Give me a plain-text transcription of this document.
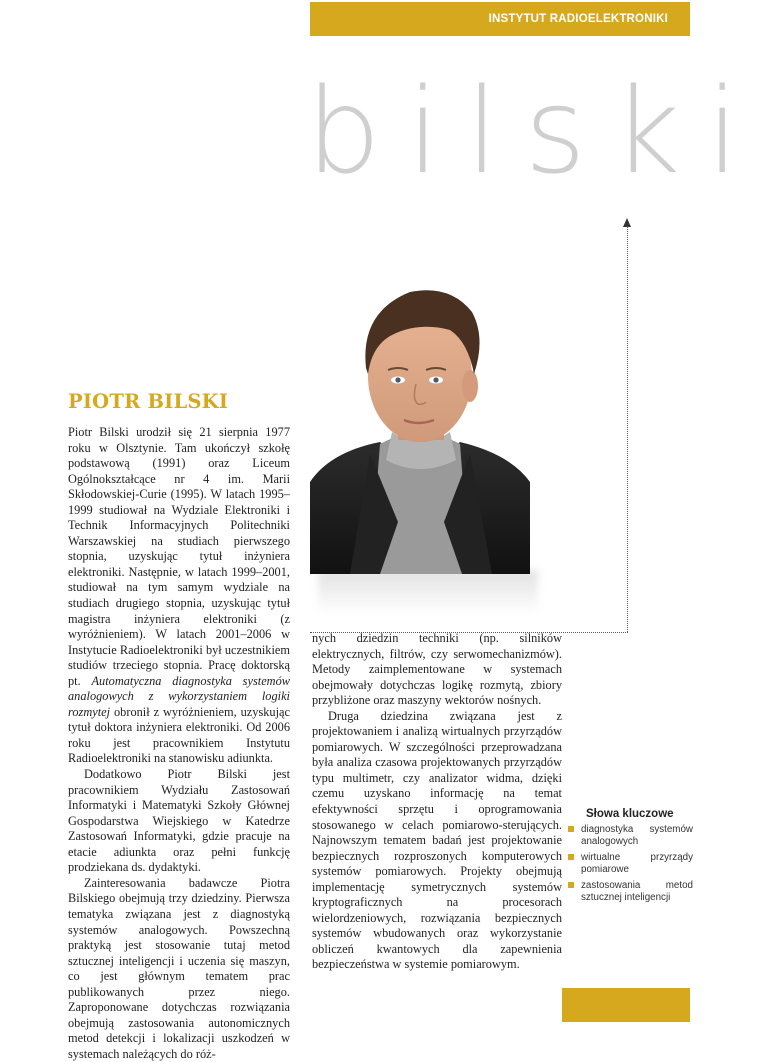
INSTYTUT RADIOELEKTRONIKI
bilski
PIOTR BILSKI

Piotr Bilski urodził się 21 sierpnia 1977 roku w Olsztynie. Tam ukończył szkołę podstawową (1991) oraz Liceum Ogólnokształcące nr 4 im. Marii Skłodowskiej-Curie (1995). W latach 1995–1999 studiował na Wydziale Elektroniki i Technik Informacyjnych Politechniki Warszawskiej na studiach pierwszego stopnia, uzyskując tytuł inżyniera elektroniki. Następnie, w latach 1999–2001, studiował na tym samym wydziale na studiach drugiego stopnia, uzyskując tytuł magistra inżyniera elektroniki (z wyróżnieniem). W latach 2001–2006 w Instytucie Radioelektroniki był uczestnikiem studiów trzeciego stopnia. Pracę doktorską pt. Automatyczna diagnostyka systemów analogowych z wykorzystaniem logiki rozmytej obronił z wyróżnieniem, uzyskując tytuł doktora inżyniera elektroniki. Od 2006 roku jest pracownikiem Instytutu Radioelektroniki na stanowisku adiunkta.

Dodatkowo Piotr Bilski jest pracownikiem Wydziału Zastosowań Informatyki i Matematyki Szkoły Głównej Gospodarstwa Wiejskiego w Katedrze Zastosowań Informatyki, gdzie pracuje na etacie adiunkta oraz pełni funkcję prodziekana ds. dydaktyki.

Zainteresowania badawcze Piotra Bilskiego obejmują trzy dziedziny. Pierwsza tematyka związana jest z diagnostyką systemów analogowych. Powszechną praktyką jest stosowanie tutaj metod sztucznej inteligencji i uczenia się maszyn, co jest głównym tematem prac publikowanych przez niego. Zaproponowane dotychczas rozwiązania obejmują zastosowania autonomicznych metod detekcji i lokalizacji uszkodzeń w systemach należących do róż-

nych dziedzin techniki (np. silników elektrycznych, filtrów, czy serwomechanizmów). Metody zaimplementowane w systemach obejmowały dotychczas logikę rozmytą, zbiory przybliżone oraz maszyny wektorów nośnych.

Druga dziedzina związana jest z projektowaniem i analizą wirtualnych przyrządów pomiarowych. W szczególności przeprowadzana była analiza czasowa projektowanych przyrządów typu multimetr, czy analizator widma, dzięki czemu uzyskano informację na temat efektywności sprzętu i oprogramowania stosowanego w celach pomiarowo-sterujących. Najnowszym tematem badań jest projektowanie bezpiecznych rozproszonych komputerowych systemów pomiarowych. Projekty obejmują implementację symetrycznych systemów kryptograficznych na procesorach wielordzeniowych, rozwiązania bezpiecznych systemów wbudowanych oraz wykorzystanie obliczeń kwantowych dla zapewnienia bezpieczeństwa w systemie pomiarowym.

Słowa kluczowe
diagnostyka systemów analogowych
wirtualne przyrządy pomiarowe
zastosowania metod sztucznej inteligencji
